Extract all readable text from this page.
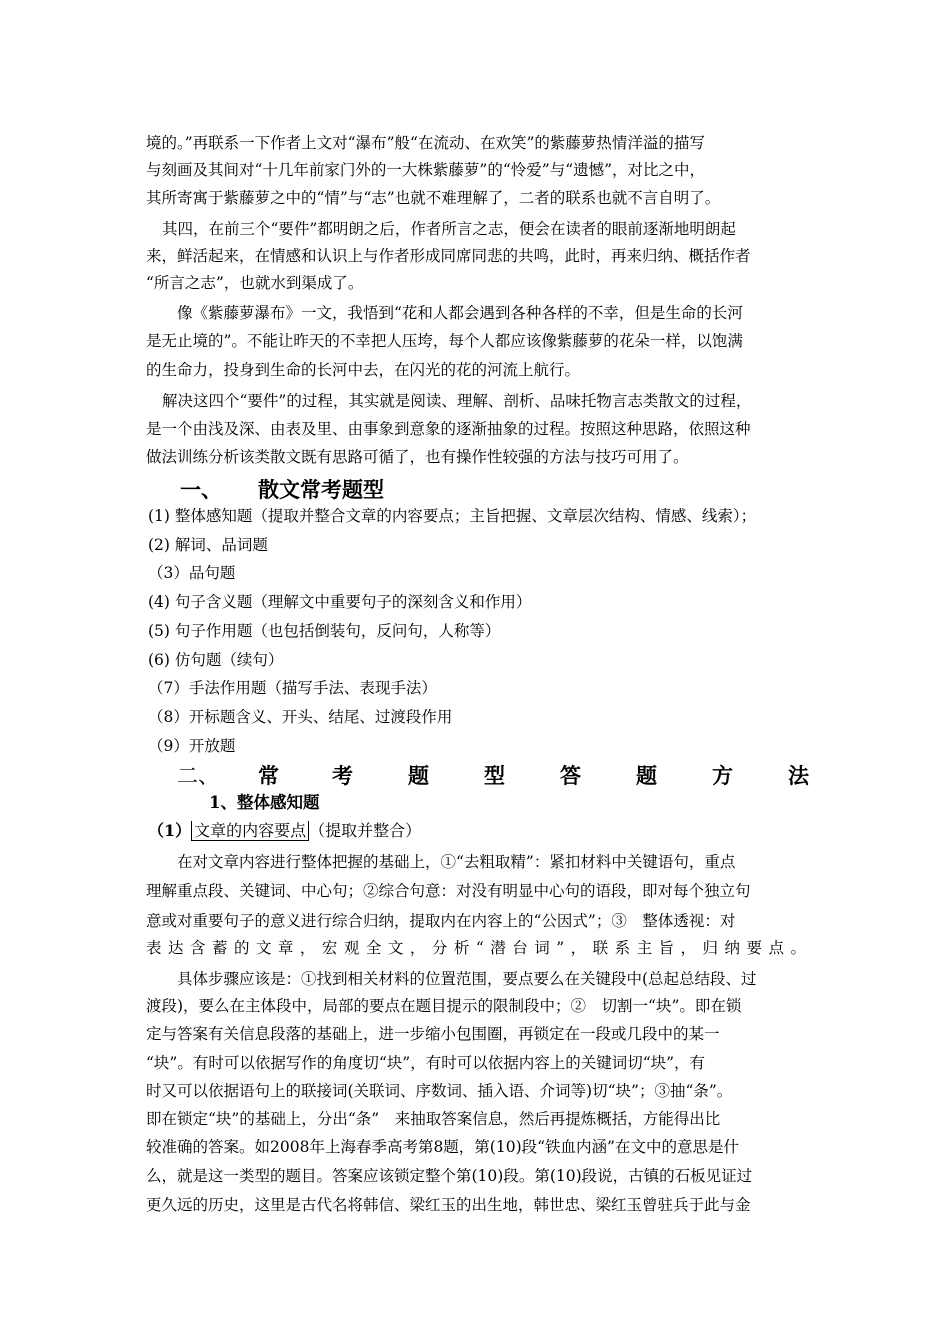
境的。”再联系一下作者上文对“瀑布”般“在流动、在欢笑”的紫藤萝热情洋溢的描写
与刻画及其间对“十几年前家门外的一大株紫藤萝”的“怜爱”与“遗憾”，对比之中，
其所寄寓于紫藤萝之中的“情”与“志”也就不难理解了，二者的联系也就不言自明了。
其四，在前三个“要件”都明朗之后，作者所言之志，便会在读者的眼前逐渐地明朗起
来，鲜活起来，在情感和认识上与作者形成同席同悲的共鸣，此时，再来归纳、概括作者
“所言之志”，也就水到渠成了。
像《紫藤萝瀑布》一文，我悟到“花和人都会遇到各种各样的不幸，但是生命的长河
是无止境的”。不能让昨天的不幸把人压垮，每个人都应该像紫藤萝的花朵一样，以饱满
的生命力，投身到生命的长河中去，在闪光的花的河流上航行。
解决这四个“要件”的过程，其实就是阅读、理解、剖析、品味托物言志类散文的过程，
是一个由浅及深、由表及里、由事象到意象的逐渐抽象的过程。按照这种思路，依照这种
做法训练分析该类散文既有思路可循了，也有操作性较强的方法与技巧可用了。
一、 散文常考题型
(1) 整体感知题（提取并整合文章的内容要点；主旨把握、文章层次结构、情感、线索）；
(2) 解词、品词题
（3）品句题
(4) 句子含义题（理解文中重要句子的深刻含义和作用）
(5) 句子作用题（也包括倒装句，反问句，人称等）
(6) 仿句题（续句）
（7）手法作用题（描写手法、表现手法）
（8）开标题含义、开头、结尾、过渡段作用
（9）开放题
二、 常	考	题	型	答	题	方	法
1、整体感知题
（1） 文章的内容要点 （提取并整合）
在对文章内容进行整体把握的基础上，①“去粗取精”：紧扣材料中关键语句，重点
理解重点段、关键词、中心句；②综合句意：对没有明显中心句的语段，即对每个独立句
意或对重要句子的意义进行综合归纳，提取内在内容上的“公因式”；③　整体透视：对
表达含蓄的文章，宏观全文，分析“潜台词”，联系主旨，归纳要点。
具体步骤应该是：①找到相关材料的位置范围，要点要么在关键段中(总起总结段、过
渡段)，要么在主体段中，局部的要点在题目提示的限制段中；②　切割一“块”。即在锁
定与答案有关信息段落的基础上，进一步缩小包围圈，再锁定在一段或几段中的某一
“块”。有时可以依据写作的角度切“块”，有时可以依据内容上的关键词切“块”，有
时又可以依据语句上的联接词(关联词、序数词、插入语、介词等)切“块”；③抽“条”。
即在锁定“块”的基础上，分出“条”　来抽取答案信息，然后再提炼概括，方能得出比
较准确的答案。如2008年上海春季高考第8题，第(10)段“铁血内涵”在文中的意思是什
么，就是这一类型的题目。答案应该锁定整个第(10)段。第(10)段说，古镇的石板见证过
更久远的历史，这里是古代名将韩信、梁红玉的出生地，韩世忠、梁红玉曾驻兵于此与金
